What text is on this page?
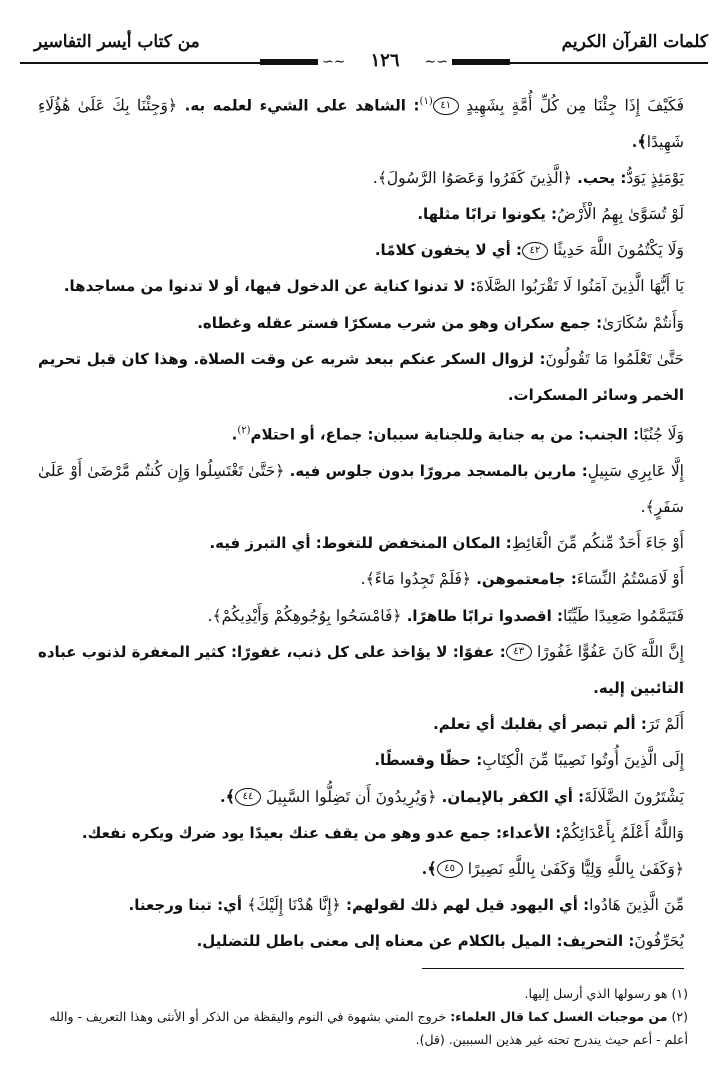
كلمات القرآن الكريم
من كتاب أيسر التفاسير
∽∼	١٢٦	∼∽

فَكَيْفَ إِذَا جِئْنَا مِن كُلِّ أُمَّةٍ بِشَهِيدٍ ٤١$^{(١)}$: الشاهد على الشيء لعلمه به. ﴿وَجِئْنَا بِكَ عَلَىٰ هَٰؤُلَاءِ شَهِيدًا﴾.

يَوْمَئِذٍ يَوَدُّ: يحب. ﴿الَّذِينَ كَفَرُوا وَعَصَوُا الرَّسُولَ﴾.

لَوْ تُسَوَّىٰ بِهِمُ الْأَرْضُ: يكونوا ترابًا مثلها.

وَلَا يَكْتُمُونَ اللَّهَ حَدِيثًا ٤٢: أي لا يخفون كلامًا.

يَا أَيُّهَا الَّذِينَ آمَنُوا لَا تَقْرَبُوا الصَّلَاةَ: لا تدنوا كناية عن الدخول فيها، أو لا تدنوا من مساجدها.

وَأَنتُمْ سُكَارَىٰ: جمع سكران وهو من شرب مسكرًا فستر عقله وغطاه.

حَتَّىٰ تَعْلَمُوا مَا تَقُولُونَ: لزوال السكر عنكم ببعد شربه عن وقت الصلاة. وهذا كان قبل تحريم الخمر وسائر المسكرات.

وَلَا جُنُبًا: الجنب: من به جنابة وللجنابة سببان: جماع، أو احتلام$^{(٢)}$.

إِلَّا عَابِرِي سَبِيلٍ: مارين بالمسجد مرورًا بدون جلوس فيه. ﴿حَتَّىٰ تَغْتَسِلُوا وَإِن كُنتُم مَّرْضَىٰ أَوْ عَلَىٰ سَفَرٍ﴾.

أَوْ جَاءَ أَحَدٌ مِّنكُم مِّنَ الْغَائِطِ: المكان المنخفض للتغوط: أي التبرز فيه.

أَوْ لَامَسْتُمُ النِّسَاءَ: جامعتموهن. ﴿فَلَمْ تَجِدُوا مَاءً﴾.

فَتَيَمَّمُوا صَعِيدًا طَيِّبًا: اقصدوا ترابًا طاهرًا. ﴿فَامْسَحُوا بِوُجُوهِكُمْ وَأَيْدِيكُمْ﴾.

إِنَّ اللَّهَ كَانَ عَفُوًّا غَفُورًا ٤٣: عفوًا: لا يؤاخذ على كل ذنب، غفورًا: كثير المغفرة لذنوب عباده التائبين إليه.

أَلَمْ تَرَ: ألم تبصر أي بقلبك أي تعلم.

إِلَى الَّذِينَ أُوتُوا نَصِيبًا مِّنَ الْكِتَابِ: حظًا وقسطًا.

يَشْتَرُونَ الضَّلَالَةَ: أي الكفر بالإيمان. ﴿وَيُرِيدُونَ أَن تَضِلُّوا السَّبِيلَ ٤٤﴾.

وَاللَّهُ أَعْلَمُ بِأَعْدَائِكُمْ: الأعداء: جمع عدو وهو من يقف عنك بعيدًا يود ضرك ويكره نفعك.

﴿وَكَفَىٰ بِاللَّهِ وَلِيًّا وَكَفَىٰ بِاللَّهِ نَصِيرًا ٤٥﴾.

مِّنَ الَّذِينَ هَادُوا: أي اليهود قيل لهم ذلك لقولهم: ﴿إِنَّا هُدْنَا إِلَيْكَ﴾ أي: تبنا ورجعنا.

يُحَرِّفُونَ: التحريف: الميل بالكلام عن معناه إلى معنى باطل للتضليل.

(١) هو رسولها الذي أرسل إليها.

(٢) من موجبات الغسل كما قال العلماء: خروج المني بشهوة في النوم واليقظة من الذكر أو الأنثى وهذا التعريف - والله أعلم - أعم حيث يندرج تحته غير هذين السببين. (قل).
